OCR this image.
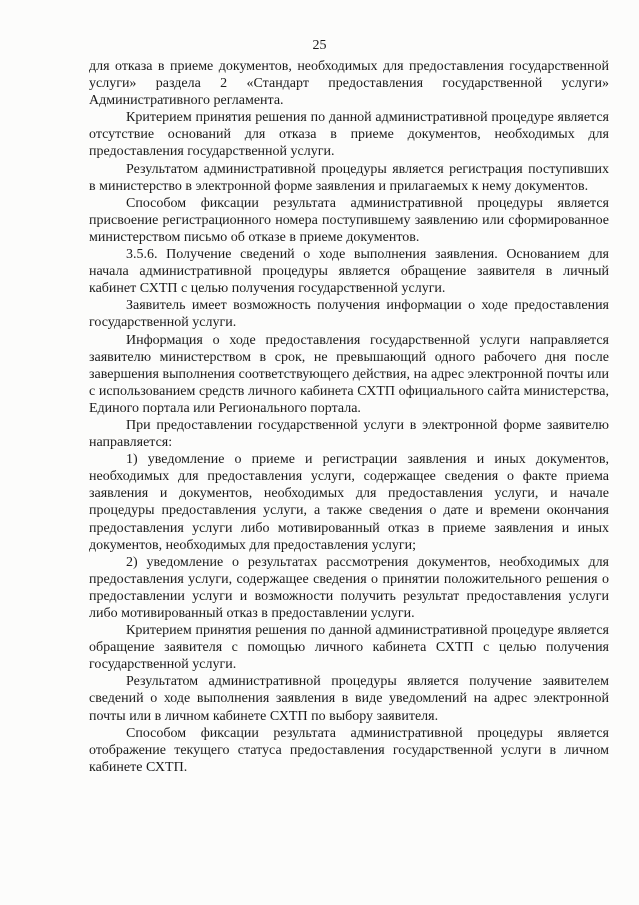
25

для отказа в приеме документов, необходимых для предоставления государственной услуги» раздела 2 «Стандарт предоставления государственной услуги» Административного регламента.

Критерием принятия решения по данной административной процедуре является отсутствие оснований для отказа в приеме документов, необходимых для предоставления государственной услуги.

Результатом административной процедуры является регистрация поступивших в министерство в электронной форме заявления и прилагаемых к нему документов.

Способом фиксации результата административной процедуры является присвоение регистрационного номера поступившему заявлению или сформированное министерством письмо об отказе в приеме документов.

3.5.6. Получение сведений о ходе выполнения заявления. Основанием для начала административной процедуры является обращение заявителя в личный кабинет СХТП с целью получения государственной услуги.

Заявитель имеет возможность получения информации о ходе предоставления государственной услуги.

Информация о ходе предоставления государственной услуги направляется заявителю министерством в срок, не превышающий одного рабочего дня после завершения выполнения соответствующего действия, на адрес электронной почты или с использованием средств личного кабинета СХТП официального сайта министерства, Единого портала или Регионального портала.

При предоставлении государственной услуги в электронной форме заявителю направляется:

1) уведомление о приеме и регистрации заявления и иных документов, необходимых для предоставления услуги, содержащее сведения о факте приема заявления и документов, необходимых для предоставления услуги, и начале процедуры предоставления услуги, а также сведения о дате и времени окончания предоставления услуги либо мотивированный отказ в приеме заявления и иных документов, необходимых для предоставления услуги;

2) уведомление о результатах рассмотрения документов, необходимых для предоставления услуги, содержащее сведения о принятии положительного решения о предоставлении услуги и возможности получить результат предоставления услуги либо мотивированный отказ в предоставлении услуги.

Критерием принятия решения по данной административной процедуре является обращение заявителя с помощью личного кабинета СХТП с целью получения государственной услуги.

Результатом административной процедуры является получение заявителем сведений о ходе выполнения заявления в виде уведомлений на адрес электронной почты или в личном кабинете СХТП по выбору заявителя.

Способом фиксации результата административной процедуры является отображение текущего статуса предоставления государственной услуги в личном кабинете СХТП.
